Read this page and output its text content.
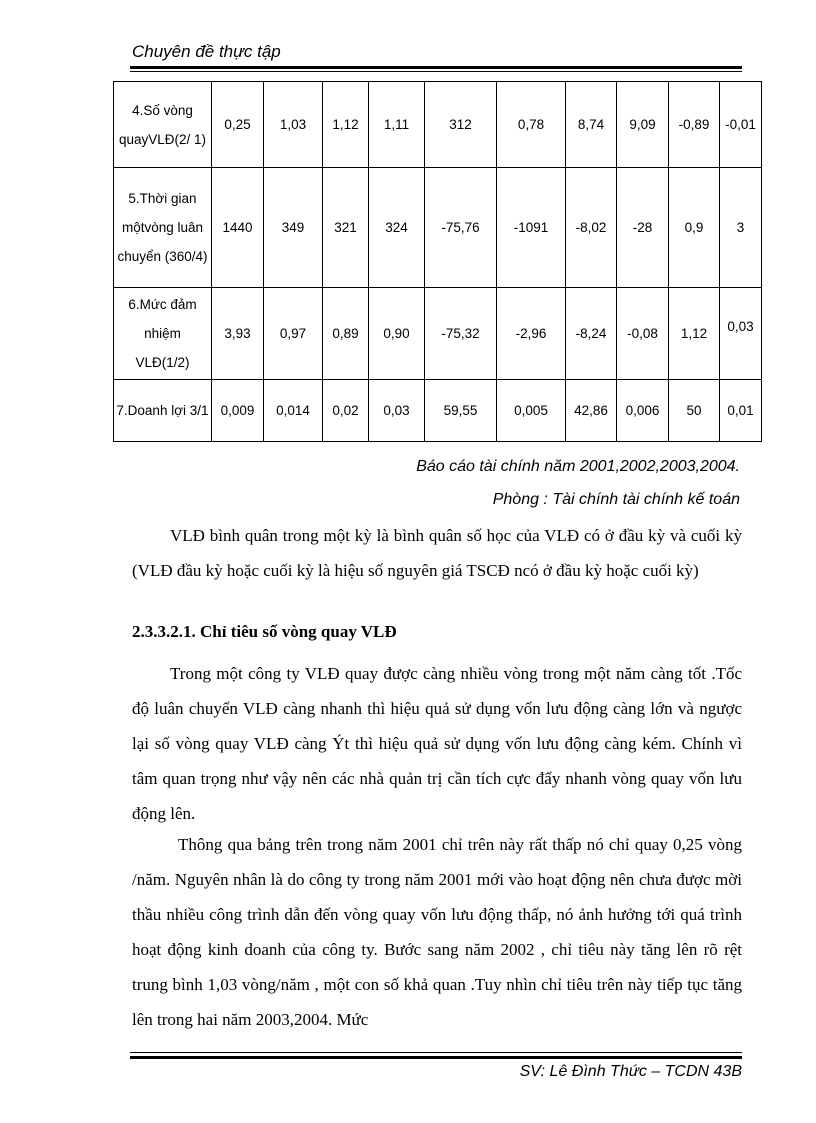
Chuyên đề thực tập
4.Số vòng quayVLĐ(2/ 1)	0,25	1,03	1,12	1,11	312	0,78	8,74	9,09	-0,89	-0,01
5.Thời gian mộtvòng luân chuyển (360/4)	1440	349	321	324	-75,76	-1091	-8,02	-28	0,9	3
6.Mức đảm nhiệm VLĐ(1/2)	3,93	0,97	0,89	0,90	-75,32	-2,96	-8,24	-0,08	1,12	0,03
7.Doanh lợi 3/1	0,009	0,014	0,02	0,03	59,55	0,005	42,86	0,006	50	0,01
Báo cáo tài chính năm 2001,2002,2003,2004.
Phòng : Tài chính tài chính kế toán
VLĐ bình quân trong một kỳ là bình quân số học của VLĐ có ở đầu kỳ và cuối kỳ (VLĐ đầu kỳ hoặc cuối kỳ là hiệu số nguyên giá TSCĐ ncó ở đầu kỳ hoặc cuối kỳ)
2.3.3.2.1. Chỉ tiêu số vòng quay VLĐ
Trong một công ty VLĐ quay được càng nhiều vòng trong một năm càng tốt .Tốc độ luân chuyển VLĐ càng nhanh thì hiệu quả sử dụng vốn lưu động càng lớn và ngược lại số vòng quay VLĐ càng Ýt thì hiệu quả sử dụng vốn lưu động càng kém. Chính vì tâm quan trọng như vậy nên các nhà quản trị cần tích cực đẩy nhanh vòng quay vốn lưu động lên.
Thông qua bảng trên trong năm 2001 chỉ trên này rất thấp nó chỉ quay 0,25 vòng /năm. Nguyên nhân là do công ty trong năm 2001 mới vào hoạt động nên chưa được mời thầu nhiều công trình dẫn đến vòng quay vốn lưu động thấp, nó ảnh hưởng tới quá trình hoạt động kinh doanh của công ty. Bước sang năm 2002 , chỉ tiêu này tăng lên rõ rệt trung bình 1,03 vòng/năm , một con số khả quan .Tuy nhìn chỉ tiêu trên này tiếp tục tăng lên trong hai năm 2003,2004. Mức
SV: Lê Đình Thức – TCDN 43B
